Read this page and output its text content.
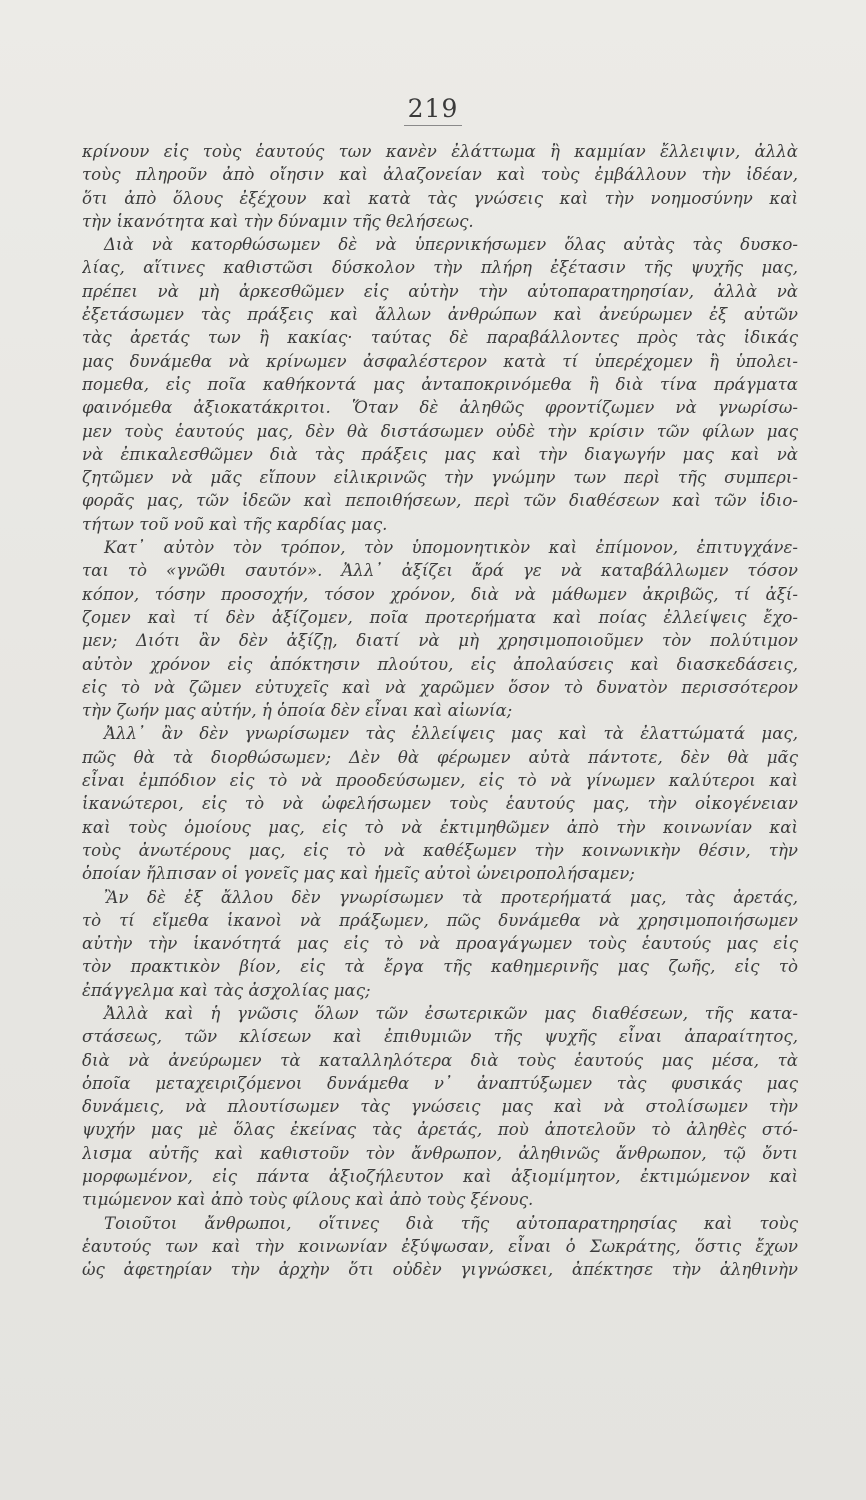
219
κρίνουν εἰς τοὺς ἑαυτούς των κανὲν ἐλάττωμα ἢ καμμίαν ἔλλειψιν, ἀλλὰ
τοὺς πληροῦν ἀπὸ οἴησιν καὶ ἀλαζονείαν καὶ τοὺς ἐμβάλλουν τὴν ἰδέαν,
ὅτι ἀπὸ ὅλους ἐξέχουν καὶ κατὰ τὰς γνώσεις καὶ τὴν νοημοσύνην καὶ
τὴν ἱκανότητα καὶ τὴν δύναμιν τῆς θελήσεως.
Διὰ νὰ κατορθώσωμεν δὲ νὰ ὑπερνικήσωμεν ὅλας αὐτὰς τὰς δυσκο-
λίας, αἵτινες καθιστῶσι δύσκολον τὴν πλήρη ἐξέτασιν τῆς ψυχῆς μας,
πρέπει νὰ μὴ ἀρκεσθῶμεν εἰς αὐτὴν τὴν αὐτοπαρατηρησίαν, ἀλλὰ νὰ
ἐξετάσωμεν τὰς πράξεις καὶ ἄλλων ἀνθρώπων καὶ ἀνεύρωμεν ἐξ αὐτῶν
τὰς ἀρετάς των ἢ κακίας· ταύτας δὲ παραβάλλοντες πρὸς τὰς ἰδικάς
μας δυνάμεθα νὰ κρίνωμεν ἀσφαλέστερον κατὰ τί ὑπερέχομεν ἢ ὑπολει-
πομεθα, εἰς ποῖα καθήκοντά μας ἀνταποκρινόμεθα ἢ διὰ τίνα πράγματα
φαινόμεθα ἀξιοκατάκριτοι. Ὅταν δὲ ἀληθῶς φροντίζωμεν νὰ γνωρίσω-
μεν τοὺς ἑαυτούς μας, δὲν θὰ διστάσωμεν οὐδὲ τὴν κρίσιν τῶν φίλων μας
νὰ ἐπικαλεσθῶμεν διὰ τὰς πράξεις μας καὶ τὴν διαγωγήν μας καὶ νὰ
ζητῶμεν νὰ μᾶς εἴπουν εἰλικρινῶς τὴν γνώμην των περὶ τῆς συμπερι-
φορᾶς μας, τῶν ἰδεῶν καὶ πεποιθήσεων, περὶ τῶν διαθέσεων καὶ τῶν ἰδιο-
τήτων τοῦ νοῦ καὶ τῆς καρδίας μας.
Κατ᾽ αὐτὸν τὸν τρόπον, τὸν ὑπομονητικὸν καὶ ἐπίμονον, ἐπιτυγχάνε-
ται τὸ «γνῶθι σαυτόν». Ἀλλ᾽ ἀξίζει ἄρά γε νὰ καταβάλλωμεν τόσον
κόπον, τόσην προσοχήν, τόσον χρόνον, διὰ νὰ μάθωμεν ἀκριβῶς, τί ἀξί-
ζομεν καὶ τί δὲν ἀξίζομεν, ποῖα προτερήματα καὶ ποίας ἐλλείψεις ἔχο-
μεν; Διότι ἂν δὲν ἀξίζῃ, διατί νὰ μὴ χρησιμοποιοῦμεν τὸν πολύτιμον
αὐτὸν χρόνον εἰς ἀπόκτησιν πλούτου, εἰς ἀπολαύσεις καὶ διασκεδάσεις,
εἰς τὸ νὰ ζῶμεν εὐτυχεῖς καὶ νὰ χαρῶμεν ὅσον τὸ δυνατὸν περισσότερον
τὴν ζωήν μας αὐτήν, ἡ ὁποία δὲν εἶναι καὶ αἰωνία;
Ἀλλ᾽ ἂν δὲν γνωρίσωμεν τὰς ἐλλείψεις μας καὶ τὰ ἐλαττώματά μας,
πῶς θὰ τὰ διορθώσωμεν; Δὲν θὰ φέρωμεν αὐτὰ πάντοτε, δὲν θὰ μᾶς
εἶναι ἐμπόδιον εἰς τὸ νὰ προοδεύσωμεν, εἰς τὸ νὰ γίνωμεν καλύτεροι καὶ
ἱκανώτεροι, εἰς τὸ νὰ ὠφελήσωμεν τοὺς ἑαυτούς μας, τὴν οἰκογένειαν
καὶ τοὺς ὁμοίους μας, εἰς τὸ νὰ ἐκτιμηθῶμεν ἀπὸ τὴν κοινωνίαν καὶ
τοὺς ἀνωτέρους μας, εἰς τὸ νὰ καθέξωμεν τὴν κοινωνικὴν θέσιν, τὴν
ὁποίαν ἤλπισαν οἱ γονεῖς μας καὶ ἡμεῖς αὐτοὶ ὠνειροπολήσαμεν;
Ἂν δὲ ἐξ ἄλλου δὲν γνωρίσωμεν τὰ προτερήματά μας, τὰς ἀρετάς,
τὸ τί εἴμεθα ἱκανοὶ νὰ πράξωμεν, πῶς δυνάμεθα νὰ χρησιμοποιήσωμεν
αὐτὴν τὴν ἱκανότητά μας εἰς τὸ νὰ προαγάγωμεν τοὺς ἑαυτούς μας εἰς
τὸν πρακτικὸν βίον, εἰς τὰ ἔργα τῆς καθημερινῆς μας ζωῆς, εἰς τὸ
ἐπάγγελμα καὶ τὰς ἀσχολίας μας;
Ἀλλὰ καὶ ἡ γνῶσις ὅλων τῶν ἐσωτερικῶν μας διαθέσεων, τῆς κατα-
στάσεως, τῶν κλίσεων καὶ ἐπιθυμιῶν τῆς ψυχῆς εἶναι ἀπαραίτητος,
διὰ νὰ ἀνεύρωμεν τὰ καταλληλότερα διὰ τοὺς ἑαυτούς μας μέσα, τὰ
ὁποῖα μεταχειριζόμενοι δυνάμεθα ν᾽ ἀναπτύξωμεν τὰς φυσικάς μας
δυνάμεις, νὰ πλουτίσωμεν τὰς γνώσεις μας καὶ νὰ στολίσωμεν τὴν
ψυχήν μας μὲ ὅλας ἐκείνας τὰς ἀρετάς, ποὺ ἀποτελοῦν τὸ ἀληθὲς στό-
λισμα αὐτῆς καὶ καθιστοῦν τὸν ἄνθρωπον, ἀληθινῶς ἄνθρωπον, τῷ ὄντι
μορφωμένον, εἰς πάντα ἀξιοζήλευτον καὶ ἀξιομίμητον, ἐκτιμώμενον καὶ
τιμώμενον καὶ ἀπὸ τοὺς φίλους καὶ ἀπὸ τοὺς ξένους.
Τοιοῦτοι ἄνθρωποι, οἵτινες διὰ τῆς αὐτοπαρατηρησίας καὶ τοὺς
ἑαυτούς των καὶ τὴν κοινωνίαν ἐξύψωσαν, εἶναι ὁ Σωκράτης, ὅστις ἔχων
ὡς ἀφετηρίαν τὴν ἀρχὴν ὅτι οὐδὲν γιγνώσκει, ἀπέκτησε τὴν ἀληθινὴν
